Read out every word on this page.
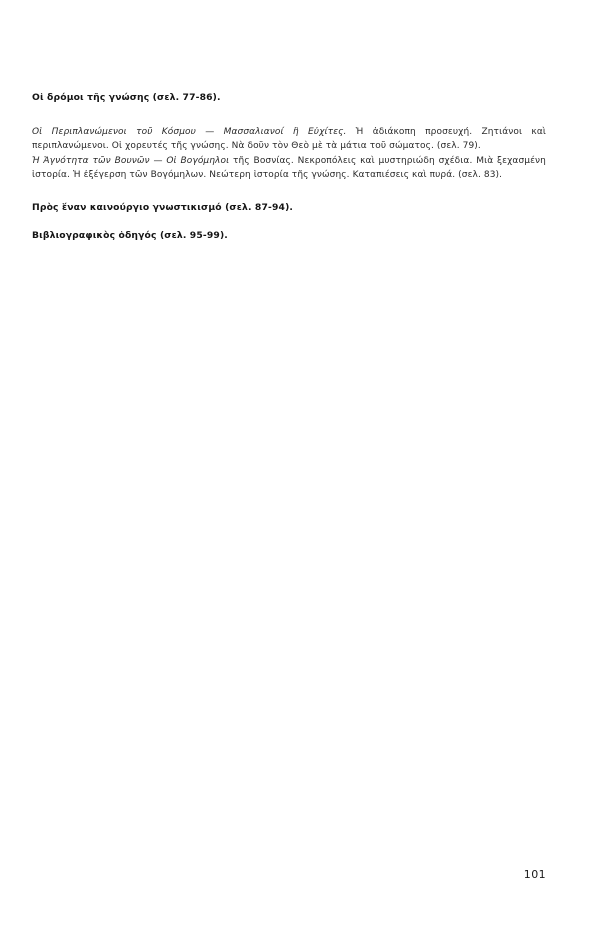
Οἱ δρόμοι τῆς γνώσης (σελ. 77-86).

Οἱ Περιπλανώμενοι τοῦ Κόσμου — Μασσαλιανοί ἢ Εὐχίτες. Ἡ ἀδιάκοπη προσευχή. Ζητιάνοι καὶ περιπλανώμενοι. Οἱ χορευτές τῆς γνώσης. Νὰ δοῦν τὸν Θεὸ μὲ τὰ μάτια τοῦ σώματος. (σελ. 79).

Ἡ Ἁγνότητα τῶν Βουνῶν — Οἱ Βογόμηλοι τῆς Βοσνίας. Νεκροπόλεις καὶ μυστηριώδη σχέδια. Μιὰ ξεχασμένη ἱστορία. Ἡ ἐξέγερση τῶν Βογόμηλων. Νεώτερη ἱστορία τῆς γνώσης. Καταπιέσεις καὶ πυρά. (σελ. 83).

Πρὸς ἕναν καινούργιο γνωστικισμό (σελ. 87-94).
Βιβλιογραφικὸς ὁδηγός (σελ. 95-99).
101
